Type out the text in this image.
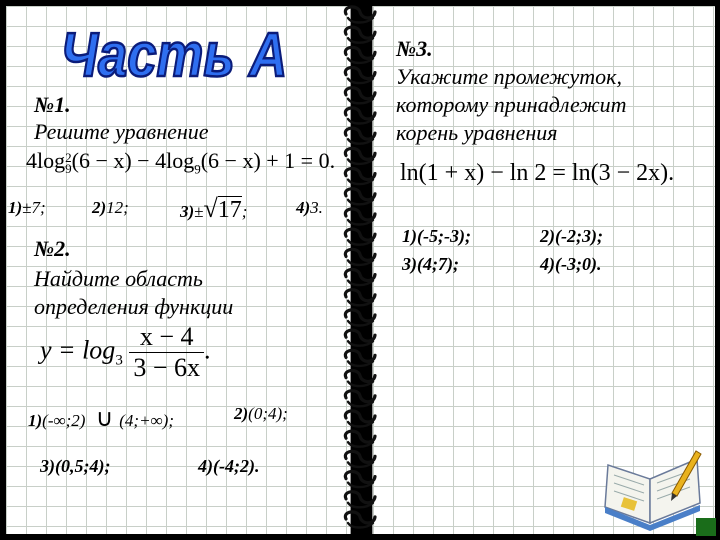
Часть А
№1.
Решите уравнение
4log 2
9 $(6 - x) - 4\log_9(6 - x) + 1 = 0$.
1)±7;	2)12;	3)±√17;	4)3.
№2.
Найдите область
определения функции
$y = \log_3 \frac{x - 4}{3 - 6x}$ .
1)(-∞;2) ∪ (4;+∞);	2)(0;4);
3)(0,5;4);	4)(-4;2).
№3.
Укажите промежуток,
которому принадлежит
корень уравнения
ln(1 + x) − ln 2 = ln(3 − 2x).
1)(-5;-3);	2)(-2;3);
3)(4;7);	4)(-3;0).
